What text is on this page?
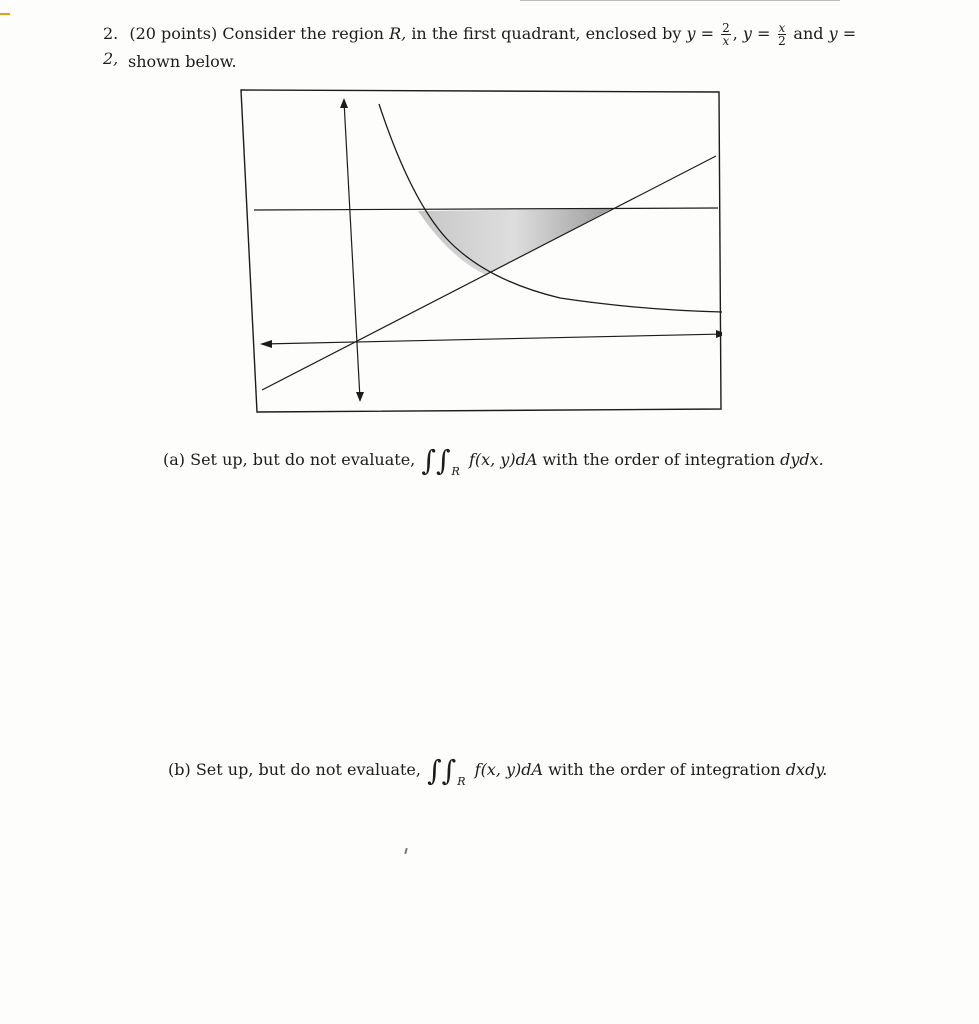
2. (20 points) Consider the region R, in the first quadrant, enclosed by $y = \frac{2}{x}$ , $y = \frac{x}{2}$ and y = 2, shown below.
(a) Set up, but do not evaluate, $\int\int_R$ f(x, y)dA with the order of integration dydx.
(b) Set up, but do not evaluate, $\int\int_R$ f(x, y)dA with the order of integration dxdy.
